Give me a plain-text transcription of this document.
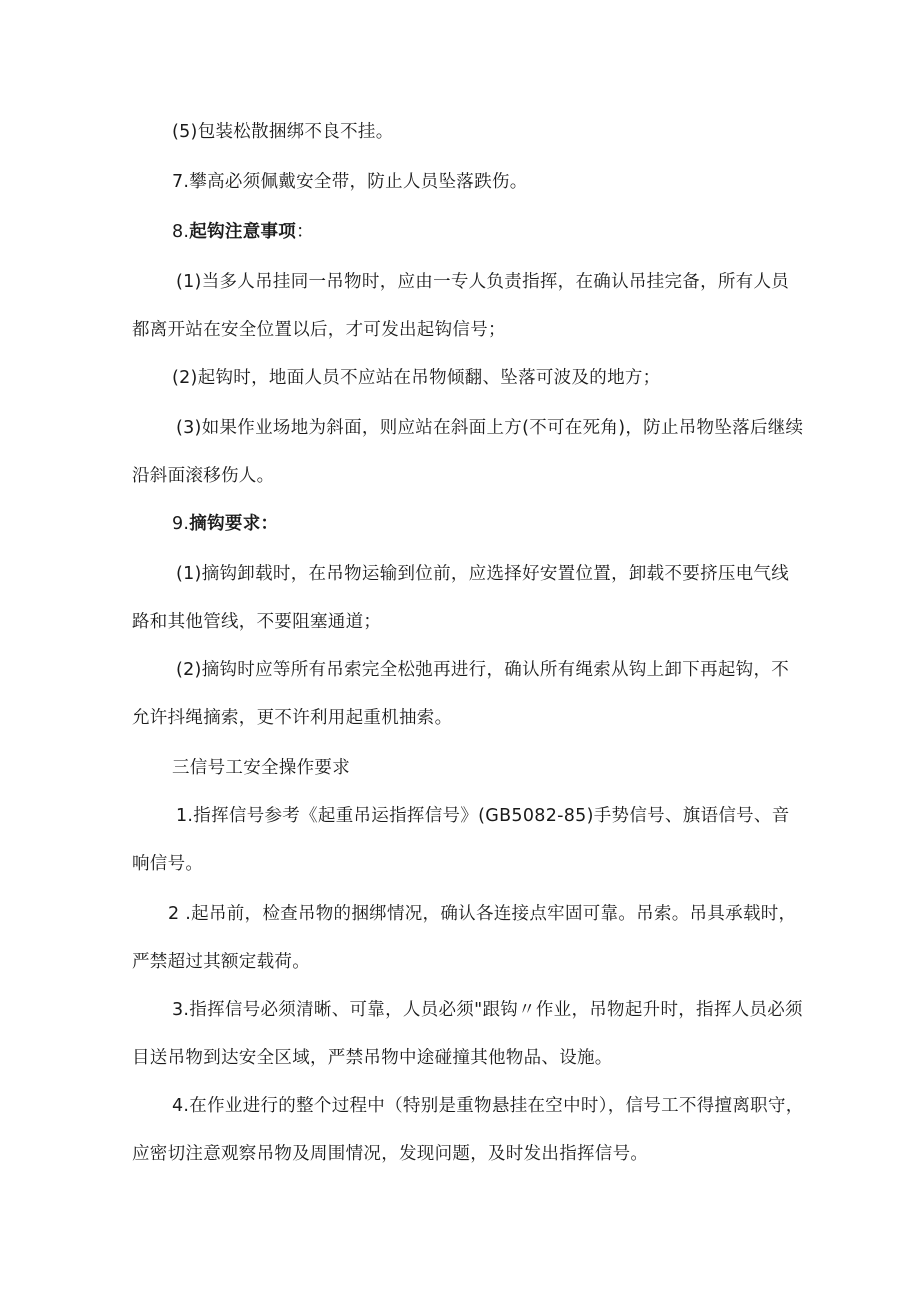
(5)包装松散捆绑不良不挂。

7.攀高必须佩戴安全带，防止人员坠落跌伤。

8.起钩注意事项：

(1)当多人吊挂同一吊物时，应由一专人负责指挥，在确认吊挂完备，所有人员都离开站在安全位置以后，才可发出起钩信号；

(2)起钩时，地面人员不应站在吊物倾翻、坠落可波及的地方；

(3)如果作业场地为斜面，则应站在斜面上方(不可在死角)，防止吊物坠落后继续沿斜面滚移伤人。

9.摘钩要求：

(1)摘钩卸载时，在吊物运输到位前，应选择好安置位置，卸载不要挤压电气线路和其他管线，不要阻塞通道；

(2)摘钩时应等所有吊索完全松弛再进行，确认所有绳索从钩上卸下再起钩，不允许抖绳摘索，更不许利用起重机抽索。

三信号工安全操作要求

1.指挥信号参考《起重吊运指挥信号》(GB5082-85)手势信号、旗语信号、音响信号。

2 .起吊前，检查吊物的捆绑情况，确认各连接点牢固可靠。吊索。吊具承载时，严禁超过其额定载荷。

3.指挥信号必须清晰、可靠，人员必须"跟钩〃作业，吊物起升时，指挥人员必须目送吊物到达安全区域，严禁吊物中途碰撞其他物品、设施。

4.在作业进行的整个过程中（特别是重物悬挂在空中时），信号工不得擅离职守，应密切注意观察吊物及周围情况，发现问题，及时发出指挥信号。
